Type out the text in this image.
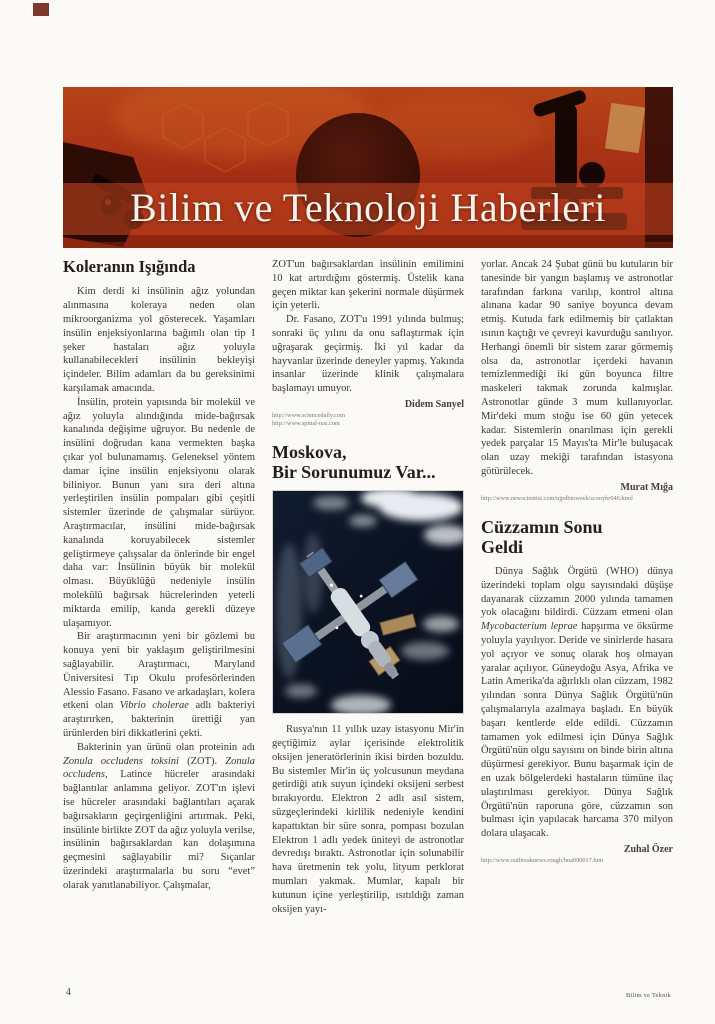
Bilim ve Teknoloji Haberleri
Koleranın Işığında

Kim derdi ki insülinin ağız yolundan alınmasına koleraya neden olan mikroorganizma yol gösterecek. Yaşamları insülin enjeksiyonlarına bağımlı olan tip I şeker hastaları ağız yoluyla kullanabilecekleri insülinin bekleyişi içindeler. Bilim adamları da bu gereksinimi karşılamak amacında.

İnsülin, protein yapısında bir molekül ve ağız yoluyla alındığında mide-bağırsak kanalında değişime uğruyor. Bu nedenle de insülini doğrudan kana vermekten başka çıkar yol bulunamamış. Geleneksel yöntem damar içine insülin enjeksiyonu olarak biliniyor. Bunun yanı sıra deri altına yerleştirilen insülin pompaları gibi çeşitli sistemler üzerinde de çalışmalar sürüyor. Araştırmacılar, insülini mide-bağırsak kanalında koruyabilecek sistemler geliştirmeye çalışsalar da önlerinde bir engel daha var: İnsülinin büyük bir molekül olması. Büyüklüğü nedeniyle insülin molekülü bağırsak hücrelerinden yeterli miktarda emilip, kanda gerekli düzeye ulaşamıyor.

Bir araştırmacının yeni bir gözlemi bu konuya yeni bir yaklaşım geliştirilmesini sağlayabilir. Araştırmacı, Maryland Üniversitesi Tıp Okulu profesörlerinden Alessio Fasano. Fasano ve arkadaşları, kolera etkeni olan Vibrio cholerae adlı bakteriyi araştırırken, bakterinin ürettiği yan ürünlerden biri dikkatlerini çekti.

Bakterinin yan ürünü olan proteinin adı Zonula occludens toksini (ZOT). Zonula occludens, Latince hücreler arasındaki bağlantılar anlamına geliyor. ZOT'ın işlevi ise hücreler arasındaki bağlantıları açarak bağırsakların geçirgenliğini artırmak. Peki, insülinle birlikte ZOT da ağız yoluyla verilse, insülinin bağırsaklardan kan dolaşımına geçmesini sağlayabilir mi? Sıçanlar üzerindeki araştırmalarla bu soru “evet” olarak yanıtlanabiliyor. Çalışmalar,

ZOT'un bağırsaklardan insülinin emilimini 10 kat artırdığını göstermiş. Üstelik kana geçen miktar kan şekerini normale düşürmek için yeterli.

Dr. Fasano, ZOT'u 1991 yılında bulmuş; sonraki üç yılını da onu saflaştırmak için uğraşarak geçirmiş. İki yıl kadar da hayvanlar üzerinde deneyler yapmış. Yakında insanlar üzerinde klinik çalışmalara başlamayı umuyor.

Didem Sanyel
http://www.sciencedaily.com
http://www.spmal-nas.com
Moskova,
Bir Sorunumuz Var...

Rusya'nın 11 yıllık uzay istasyonu Mir'in geçtiğimiz aylar içerisinde elektrolitik oksijen jeneratörlerinin ikisi birden bozuldu. Bu sistemler Mir'in üç yolcusunun meydana getirdiği atık suyun içindeki oksijeni serbest bırakıyordu. Elektron 2 adlı asıl sistem, süzgeçlerindeki kirlilik nedeniyle kendini kapattıktan bir süre sonra, pompası bozulan Elektron 1 adlı yedek üniteyi de astronotlar devredışı bıraktı. Astronotlar için solunabilir hava üretmenin tek yolu, lityum perklorat mumları yakmak. Mumlar, kapalı bir kutunun içine yerleştirilip, ısıtıldığı zaman oksijen yayı-

yorlar. Ancak 24 Şubat günü bu kutuların bir tanesinde bir yangın başlamış ve astronotlar tarafından farkına varılıp, kontrol altına alınana kadar 90 saniye boyunca devam etmiş. Kutuda fark edilmemiş bir çatlaktan ısının kaçtığı ve çevreyi kavurduğu sanılıyor. Herhangi önemli bir sistem zarar görmemiş olsa da, astronotlar içerdeki havanın temizlenmediği iki gün boyunca filtre maskeleri takmak zorunda kalmışlar. Astronotlar günde 3 mum kullanıyorlar. Mir'deki mum stoğu ise 60 gün yetecek kadar. Sistemlerin onarılması için gerekli yedek parçalar 15 Mayıs'ta Mir'le buluşacak olan uzay mekiği tarafından istasyona götürülecek.

Murat Mığa
http://www.newscientist.com/njpdbtoweek/scooybr046.html
Cüzzamın Sonu
Geldi

Dünya Sağlık Örgütü (WHO) dünya üzerindeki toplam olgu sayısındaki düşüşe dayanarak cüzzamın 2000 yılında tamamen yok olacağını bildirdi. Cüzzam etmeni olan Mycobacterium leprae hapşırma ve öksürme yoluyla yayılıyor. Deride ve sinirlerde hasara yol açıyor ve sonuç olarak hoş olmayan yaralar açılıyor. Güneydoğu Asya, Afrika ve Latin Amerika'da ağırlıklı olan cüzzam, 1982 yılından sonra Dünya Sağlık Örgütü'nün çalışmalarıyla azalmaya başladı. En büyük başarı kentlerde elde edildi. Cüzzamın tamamen yok edilmesi için Dünya Sağlık Örgütü'nün olgu sayısını on binde birin altına düşürmesi gerekiyor. Bunu başarmak için de en uzak bölgelerdeki hastaların tümüne ilaç ulaştırılması gerekiyor. Dünya Sağlık Örgütü'nün raporuna göre, cüzzamın son bulması için yapılacak harcama 370 milyon dolara ulaşacak.

Zuhal Özer
http://www.outbreaknews.rough/bna090017.htm
4	Bilim ve Teknik
